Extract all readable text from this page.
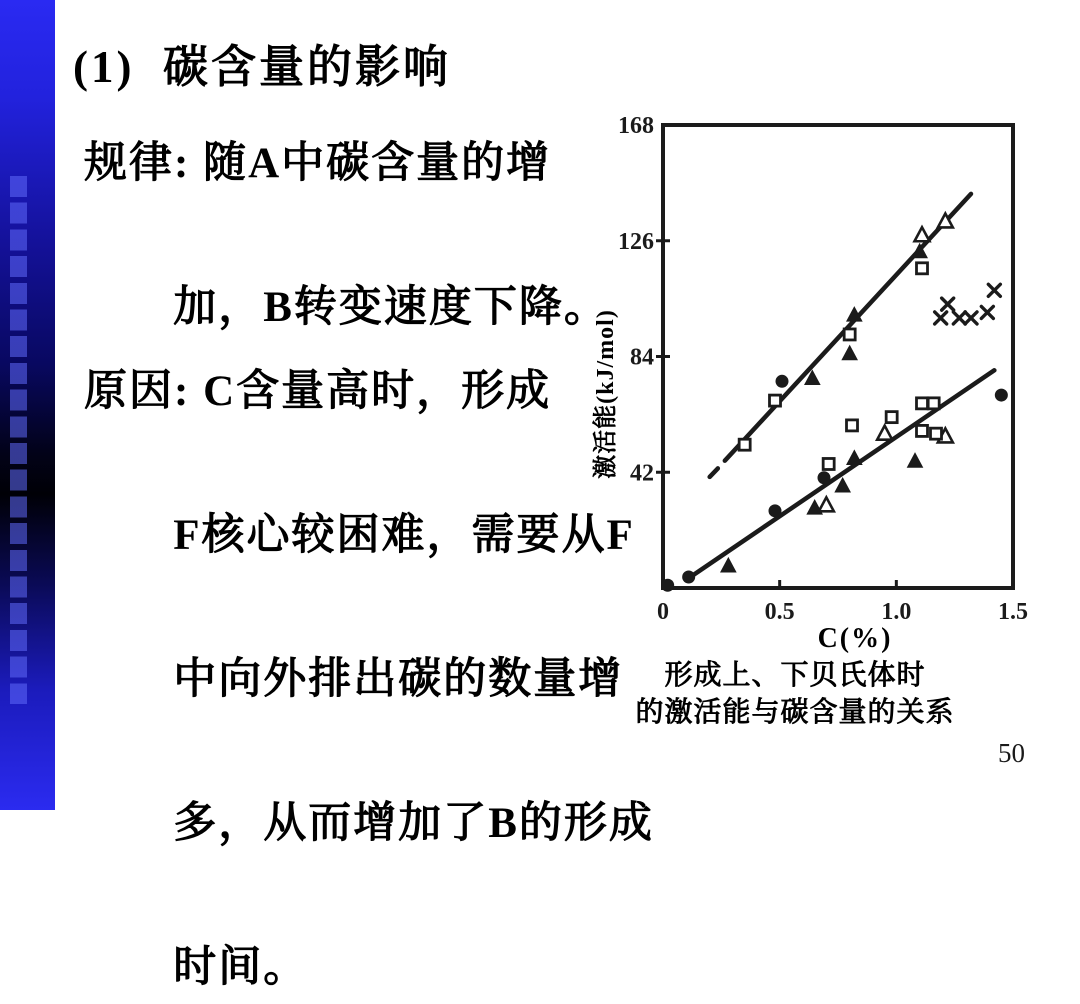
(1)  碳含量的影响

规律: 随A中碳含量的增

加，B转变速度下降。

原因: C含量高时，形成

F核心较困难，需要从F

中向外排出碳的数量增

多，从而增加了B的形成

时间。

42
84
126
168
0	0.5	1.0	1.5
激活能(kJ/mol)
C(%)
形成上、下贝氏体时
的激活能与碳含量的关系
50
